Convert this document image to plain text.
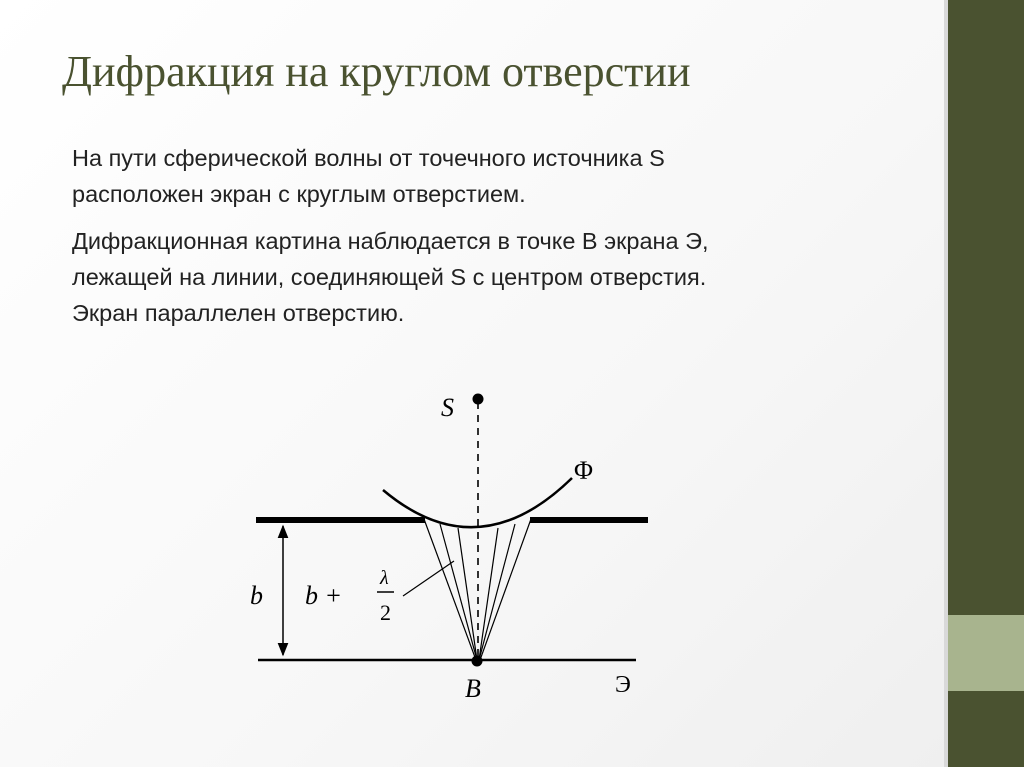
Дифракция на круглом отверстии
На пути сферической волны от точечного источника S
расположен экран с круглым отверстием.
Дифракционная картина наблюдается в точке В экрана Э,
лежащей на линии, соединяющей S с центром отверстия.
Экран параллелен отверстию.
S
Φ
b b +
λ
2
B	Э
